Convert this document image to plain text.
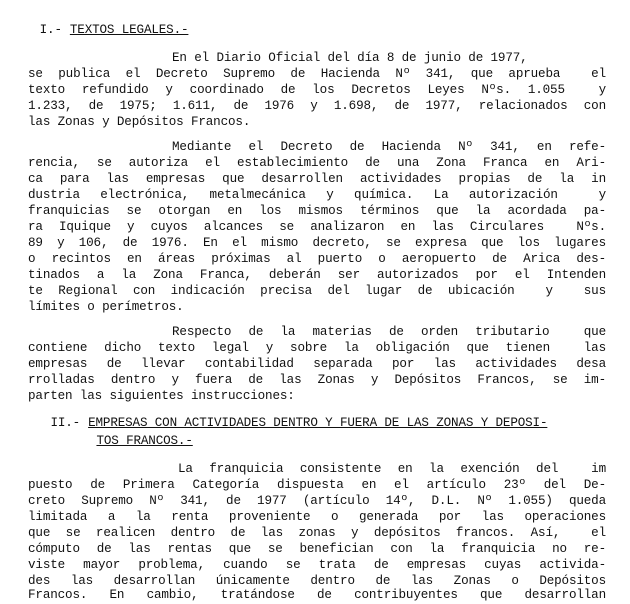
I.- TEXTOS LEGALES.-

En el Diario Oficial del día 8 de junio de 1977,
se publica el Decreto Supremo de Hacienda Nº 341, que aprueba  el
texto refundido y coordinado de los Decretos Leyes Nºs. 1.055  y
1.233, de 1975; 1.611, de 1976 y 1.698, de 1977, relacionados con
las Zonas y Depósitos Francos.
Mediante el Decreto de Hacienda Nº 341, en refe-
rencia, se autoriza el establecimiento de una Zona Franca en Ari-
ca para las empresas que desarrollen actividades propias de la in
dustria electrónica, metalmecánica y química. La autorización  y
franquicias se otorgan en los mismos términos que la acordada pa-
ra Iquique y cuyos alcances se analizaron en las Circulares  Nºs.
89 y 106, de 1976. En el mismo decreto, se expresa que los lugares
o recintos en áreas próximas al puerto o aeropuerto de Arica des-
tinados a la Zona Franca, deberán ser autorizados por el Intenden
te Regional con indicación precisa del lugar de ubicación  y  sus
límites o perímetros.
Respecto de la materias de orden tributario  que
contiene dicho texto legal y sobre la obligación que tienen  las
empresas de llevar contabilidad separada por las actividades desa
rrolladas dentro y fuera de las Zonas y Depósitos Francos, se im-
parten las siguientes instrucciones:

II.- EMPRESAS CON ACTIVIDADES DENTRO Y FUERA DE LAS ZONAS Y DEPOSI-

TOS FRANCOS.-

La franquicia consistente en la exención del  im
puesto de Primera Categoría dispuesta en el artículo 23º del De-
creto Supremo Nº 341, de 1977 (artículo 14º, D.L. Nº 1.055) queda
limitada a la renta proveniente o generada por las operaciones
que se realicen dentro de las zonas y depósitos francos. Así,  el
cómputo de las rentas que se benefician con la franquicia no re-
viste mayor problema, cuando se trata de empresas cuyas activida-
des las desarrollan únicamente dentro de las Zonas o Depósitos
Francos. En cambio, tratándose de contribuyentes que desarrollan
